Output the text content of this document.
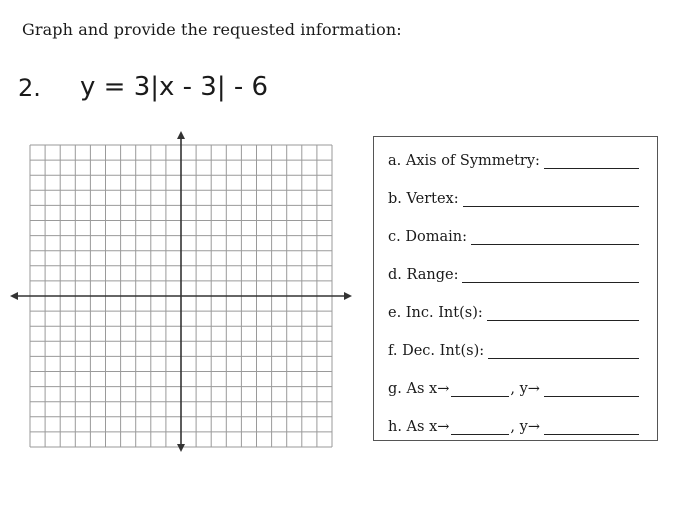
Graph and provide the requested information:
2. y = 3|x - 3| - 6
a. Axis of Symmetry:
b. Vertex:
c. Domain:
d. Range:
e. Inc. Int(s):
f. Dec. Int(s):
g. As x→	, y→
h. As x→	, y→
